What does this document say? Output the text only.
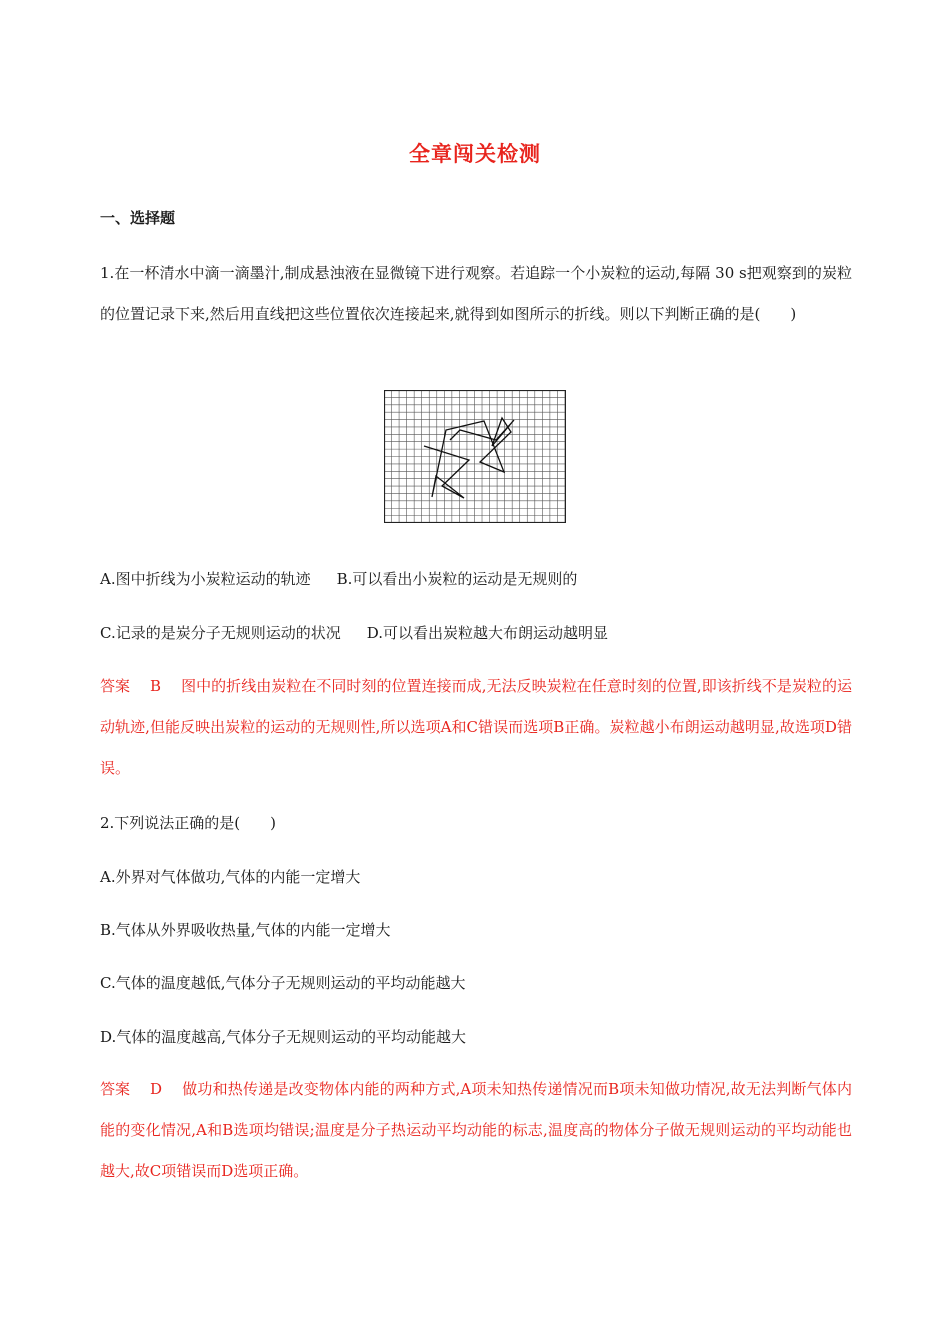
全章闯关检测
一、选择题
1.在一杯清水中滴一滴墨汁,制成悬浊液在显微镜下进行观察。若追踪一个小炭粒的运动,每隔 30 s把观察到的炭粒的位置记录下来,然后用直线把这些位置依次连接起来,就得到如图所示的折线。则以下判断正确的是(　　)
A.图中折线为小炭粒运动的轨迹 B.可以看出小炭粒的运动是无规则的
C.记录的是炭分子无规则运动的状况 D.可以看出炭粒越大布朗运动越明显
答案 B 图中的折线由炭粒在不同时刻的位置连接而成,无法反映炭粒在任意时刻的位置,即该折线不是炭粒的运动轨迹,但能反映出炭粒的运动的无规则性,所以选项A和C错误而选项B正确。炭粒越小布朗运动越明显,故选项D错误。
2.下列说法正确的是(　　)
A.外界对气体做功,气体的内能一定增大
B.气体从外界吸收热量,气体的内能一定增大
C.气体的温度越低,气体分子无规则运动的平均动能越大
D.气体的温度越高,气体分子无规则运动的平均动能越大
答案 D 做功和热传递是改变物体内能的两种方式,A项未知热传递情况而B项未知做功情况,故无法判断气体内能的变化情况,A和B选项均错误;温度是分子热运动平均动能的标志,温度高的物体分子做无规则运动的平均动能也越大,故C项错误而D选项正确。
